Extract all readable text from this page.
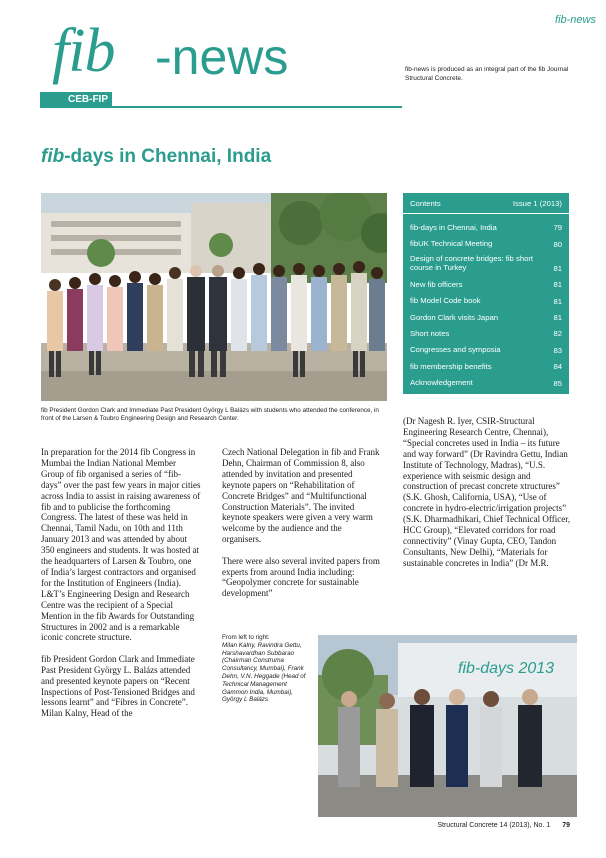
fib-news
fib -news
CEB-FIP
fib-news is produced as an integral part of the fib Journal Structural Concrete.
fib-days in Chennai, India
fib President Gordon Clark and Immediate Past President György L Balázs with students who attended the conference, in front of the Larsen & Toubro Engineering Design and Research Center.
Contents	Issue 1 (2013)
fib-days in Chennai, India	79
fibUK Technical Meeting	80
Design of concrete bridges: fib short course in Turkey	81
New fib officers	81
fib Model Code book	81
Gordon Clark visits Japan	81
Short notes	82
Congresses and symposia	83
fib membership benefits	84
Acknowledgement	85

In preparation for the 2014 fib Congress in Mumbai the Indian National Member Group of fib organised a series of “fib-days” over the past few years in major cities across India to assist in raising awareness of fib and to publicise the forthcoming Congress. The latest of these was held in Chennai, Tamil Nadu, on 10th and 11th January 2013 and was attended by about 350 engineers and students. It was hosted at the headquarters of Larsen & Toubro, one of India’s largest contractors and organised for the Institution of Engineers (India). L&T’s Engineering Design and Research Centre was the recipient of a Special Mention in the fib Awards for Outstanding Structures in 2002 and is a remarkable iconic concrete structure.

fib President Gordon Clark and Immediate Past President György L. Balázs attended and presented keynote papers on “Recent Inspections of Post-Tensioned Bridges and lessons learnt” and “Fibres in Concrete”. Milan Kalny, Head of the

Czech National Delegation in fib and Frank Dehn, Chairman of Commission 8, also attended by invitation and presented keynote papers on “Rehabilitation of Concrete Bridges” and “Multifunctional Construction Materials”. The invited keynote speakers were given a very warm welcome by the audience and the organisers.

There were also several invited papers from experts from around India including: “Geopolymer concrete for sustainable development”

(Dr Nagesh R. Iyer, CSIR-Structural Engineering Research Centre, Chennai), “Special concretes used in India – its future and way forward” (Dr Ravindra Gettu, Indian Institute of Technology, Madras), “U.S. experience with seismic design and construction of precast concrete xtructures” (S.K. Ghosh, California, USA), “Use of concrete in hydro-electric/irrigation projects” (S.K. Dharmadhikari, Chief Technical Officer, HCC Group), “Elevated corridors for road connectivity” (Vinay Gupta, CEO, Tandon Consultants, New Delhi), “Materials for sustainable concretes in India” (Dr M.R.

From left to right:
Milan Kalny, Ravindra Gettu, Harshavardhan Subbarao (Chairman Construma Consultancy, Mumbai), Frank Dehn, V.N. Heggade (Head of Technical Management Gammon India, Mumbai), György L Balázs
fib-days 2013
Structural Concrete 14 (2013), No. 1 79
